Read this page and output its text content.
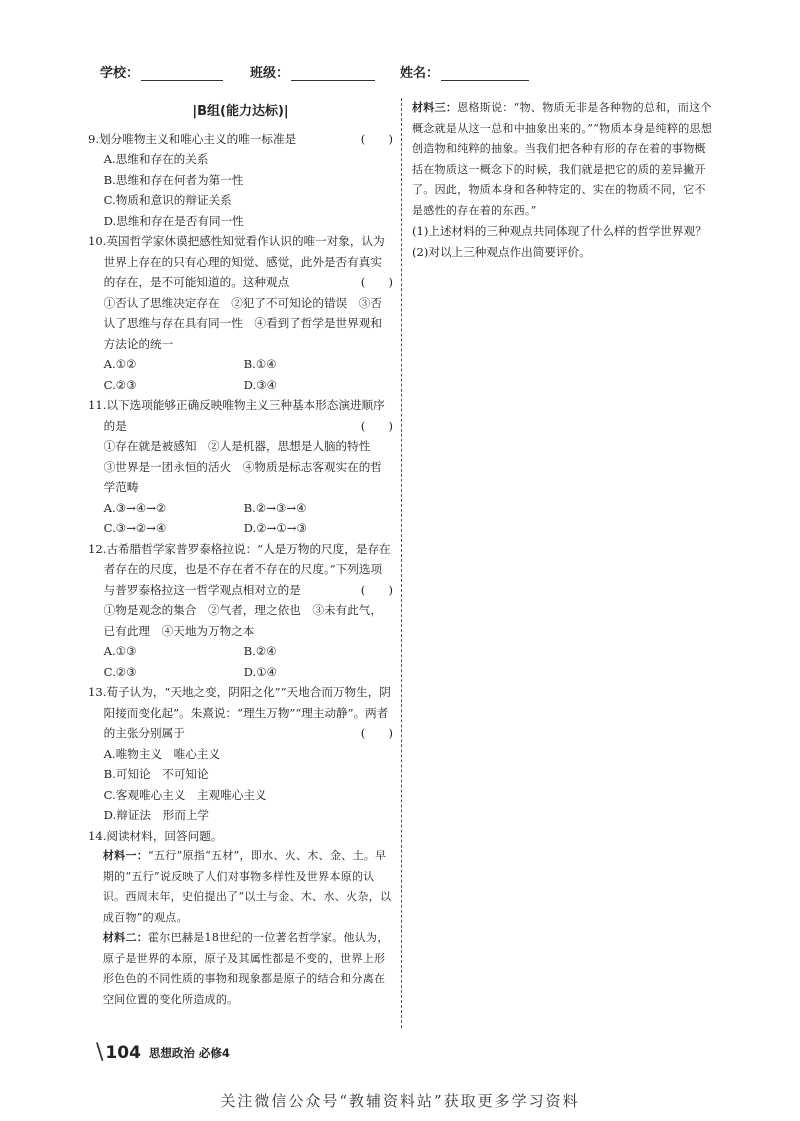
学校：	班级：	姓名：
|B组(能力达标)|
(　　)
9.划分唯物主义和唯心主义的唯一标准是
A.思维和存在的关系
B.思维和存在何者为第一性
C.物质和意识的辩证关系
D.思维和存在是否有同一性
10.英国哲学家休谟把感性知觉看作认识的唯一对象，认为世界上存在的只有心理的知觉、感觉，此外是否有真实的存在，是不可能知道的。这种观点	(　　)
①否认了思维决定存在　②犯了不可知论的错误　③否认了思维与存在具有同一性　④看到了哲学是世界观和方法论的统一
A.①②	B.①④
C.②③	D.③④
11.以下选项能够正确反映唯物主义三种基本形态演进顺序的是	(　　)
①存在就是被感知　②人是机器，思想是人脑的特性　③世界是一团永恒的活火　④物质是标志客观实在的哲学范畴
A.③→④→②	B.②→③→④
C.③→②→④	D.②→①→③
12.古希腊哲学家普罗泰格拉说：“人是万物的尺度，是存在者存在的尺度，也是不存在者不存在的尺度。”下列选项与普罗泰格拉这一哲学观点相对立的是	(　　)
①物是观念的集合　②气者，理之依也　③未有此气，已有此理　④天地为万物之本
A.①③	B.②④
C.②③	D.①④
13.荀子认为，“天地之变，阴阳之化”“天地合而万物生，阴阳接而变化起”。朱熹说：“理生万物”“理主动静”。两者的主张分别属于	(　　)
A.唯物主义　唯心主义
B.可知论　不可知论
C.客观唯心主义　主观唯心主义
D.辩证法　形而上学
14.阅读材料，回答问题。
材料一：“五行”原指“五材”，即水、火、木、金、土。早期的“五行”说反映了人们对事物多样性及世界本原的认识。西周末年，史伯提出了“以土与金、木、水、火杂，以成百物”的观点。
材料二：霍尔巴赫是18世纪的一位著名哲学家。他认为，原子是世界的本原，原子及其属性都是不变的，世界上形形色色的不同性质的事物和现象都是原子的结合和分离在空间位置的变化所造成的。
材料三：恩格斯说：“物、物质无非是各种物的总和，而这个概念就是从这一总和中抽象出来的。”“物质本身是纯粹的思想创造物和纯粹的抽象。当我们把各种有形的存在着的事物概括在物质这一概念下的时候，我们就是把它的质的差异撇开了。因此，物质本身和各种特定的、实在的物质不同，它不是感性的存在着的东西。”
(1)上述材料的三种观点共同体现了什么样的哲学世界观？
(2)对以上三种观点作出简要评价。
\ 104 思想政治 必修4
关注微信公众号“教辅资料站”获取更多学习资料
